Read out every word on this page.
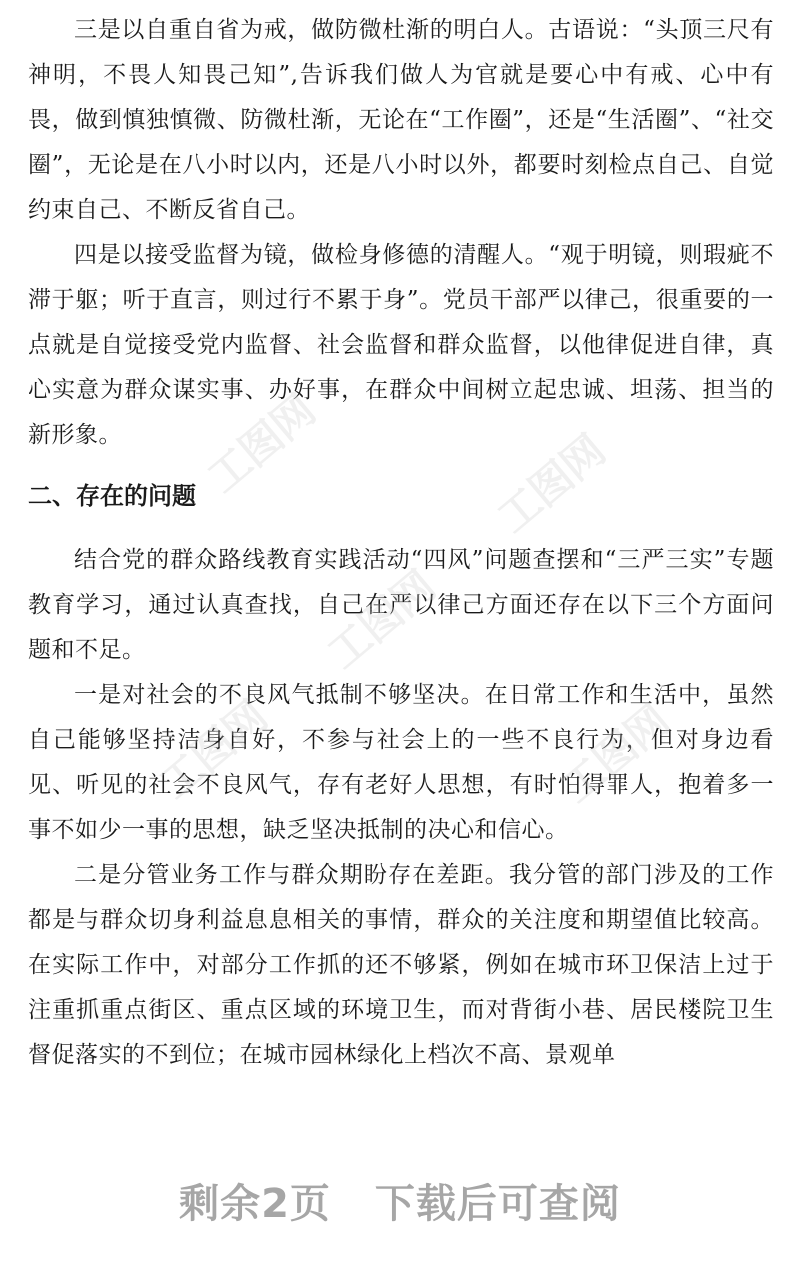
三是以自重自省为戒，做防微杜渐的明白人。古语说：“头顶三尺有神明，不畏人知畏己知”,告诉我们做人为官就是要心中有戒、心中有畏，做到慎独慎微、防微杜渐，无论在“工作圈”，还是“生活圈”、“社交圈”，无论是在八小时以内，还是八小时以外，都要时刻检点自己、自觉约束自己、不断反省自己。

四是以接受监督为镜，做检身修德的清醒人。“观于明镜，则瑕疵不滞于躯；听于直言，则过行不累于身”。党员干部严以律己，很重要的一点就是自觉接受党内监督、社会监督和群众监督，以他律促进自律，真心实意为群众谋实事、办好事，在群众中间树立起忠诚、坦荡、担当的新形象。

二、存在的问题

结合党的群众路线教育实践活动“四风”问题查摆和“三严三实”专题教育学习，通过认真查找，自己在严以律己方面还存在以下三个方面问题和不足。

一是对社会的不良风气抵制不够坚决。在日常工作和生活中，虽然自己能够坚持洁身自好，不参与社会上的一些不良行为，但对身边看见、听见的社会不良风气，存有老好人思想，有时怕得罪人，抱着多一事不如少一事的思想，缺乏坚决抵制的决心和信心。

二是分管业务工作与群众期盼存在差距。我分管的部门涉及的工作都是与群众切身利益息息相关的事情，群众的关注度和期望值比较高。在实际工作中，对部分工作抓的还不够紧，例如在城市环卫保洁上过于注重抓重点街区、重点区域的环境卫生，而对背街小巷、居民楼院卫生督促落实的不到位；在城市园林绿化上档次不高、景观单

工图网	工图网
工图网
工图网	工图网
剩余2页 下载后可查阅
